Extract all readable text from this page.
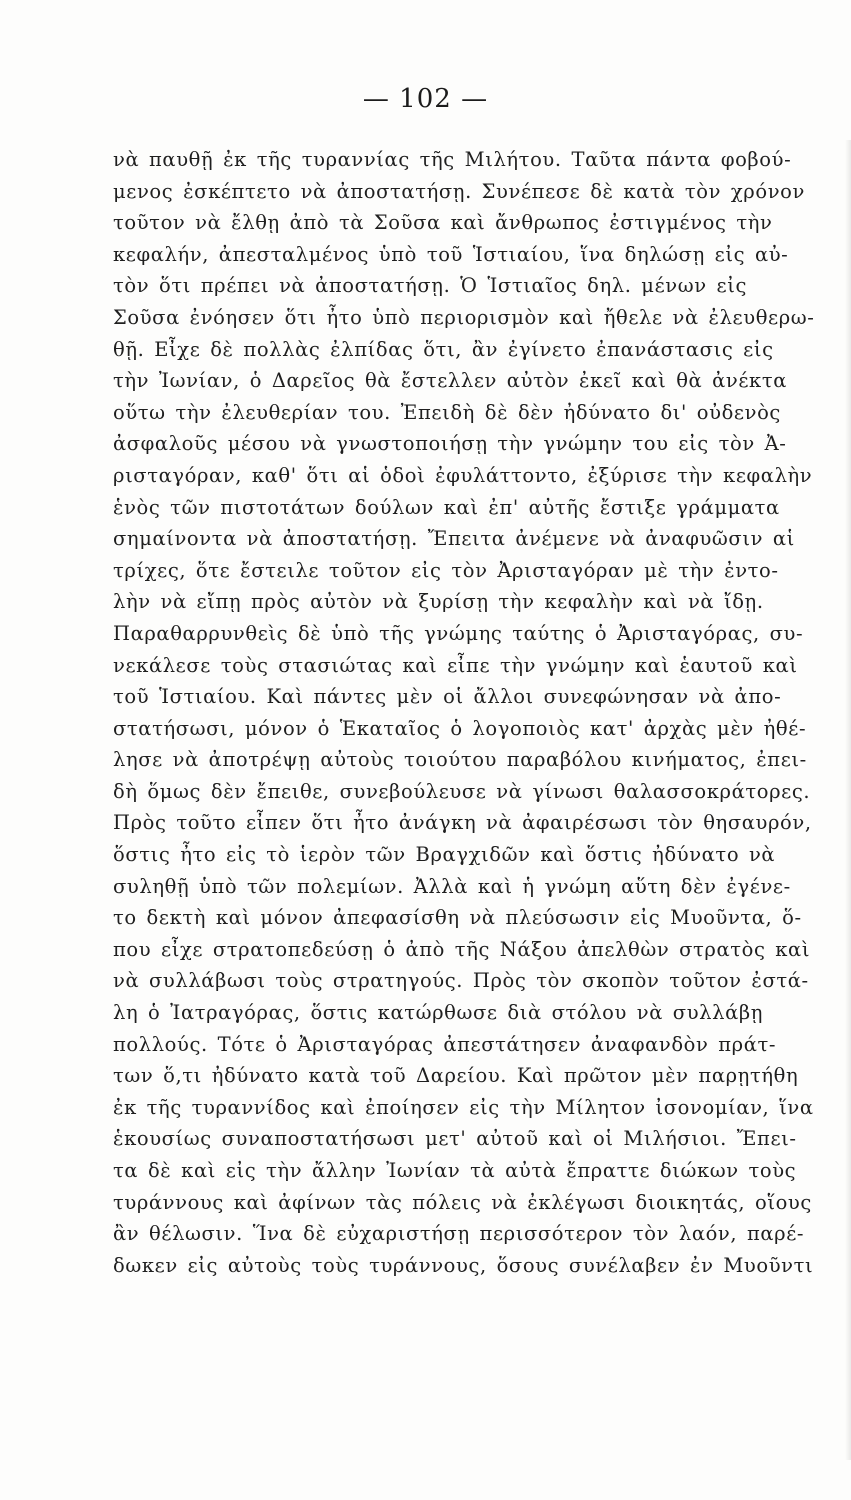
— 102 —
νὰ παυθῇ ἐκ τῆς τυραννίας τῆς Μιλήτου. Ταῦτα πάντα φοβού-
μενος ἐσκέπτετο νὰ ἀποστατήσῃ. Συνέπεσε δὲ κατὰ τὸν χρόνον
τοῦτον νὰ ἔλθῃ ἀπὸ τὰ Σοῦσα καὶ ἄνθρωπος ἐστιγμένος τὴν
κεφαλήν, ἀπεσταλμένος ὑπὸ τοῦ Ἱστιαίου, ἵνα δηλώσῃ εἰς αὐ-
τὸν ὅτι πρέπει νὰ ἀποστατήσῃ. Ὁ Ἱστιαῖος δηλ. μένων εἰς
Σοῦσα ἐνόησεν ὅτι ἦτο ὑπὸ περιορισμὸν καὶ ἤθελε νὰ ἐλευθερω-
θῇ. Εἶχε δὲ πολλὰς ἐλπίδας ὅτι, ἂν ἐγίνετο ἐπανάστασις εἰς
τὴν Ἰωνίαν, ὁ Δαρεῖος θὰ ἔστελλεν αὐτὸν ἐκεῖ καὶ θὰ ἀνέκτα
οὕτω τὴν ἐλευθερίαν του. Ἐπειδὴ δὲ δὲν ἠδύνατο δι' οὐδενὸς
ἀσφαλοῦς μέσου νὰ γνωστοποιήσῃ τὴν γνώμην του εἰς τὸν Ἀ-
ρισταγόραν, καθ' ὅτι αἱ ὁδοὶ ἐφυλάττοντο, ἐξύρισε τὴν κεφαλὴν
ἑνὸς τῶν πιστοτάτων δούλων καὶ ἐπ' αὐτῆς ἔστιξε γράμματα
σημαίνοντα νὰ ἀποστατήσῃ. Ἔπειτα ἀνέμενε νὰ ἀναφυῶσιν αἱ
τρίχες, ὅτε ἔστειλε τοῦτον εἰς τὸν Ἀρισταγόραν μὲ τὴν ἐντο-
λὴν νὰ εἴπῃ πρὸς αὐτὸν νὰ ξυρίσῃ τὴν κεφαλὴν καὶ νὰ ἴδῃ.
Παραθαρρυνθεὶς δὲ ὑπὸ τῆς γνώμης ταύτης ὁ Ἀρισταγόρας, συ-
νεκάλεσε τοὺς στασιώτας καὶ εἶπε τὴν γνώμην καὶ ἑαυτοῦ καὶ
τοῦ Ἱστιαίου. Καὶ πάντες μὲν οἱ ἄλλοι συνεφώνησαν νὰ ἀπο-
στατήσωσι, μόνον ὁ Ἑκαταῖος ὁ λογοποιὸς κατ' ἀρχὰς μὲν ἠθέ-
λησε νὰ ἀποτρέψῃ αὐτοὺς τοιούτου παραβόλου κινήματος, ἐπει-
δὴ ὅμως δὲν ἔπειθε, συνεβούλευσε νὰ γίνωσι θαλασσοκράτορες.
Πρὸς τοῦτο εἶπεν ὅτι ἦτο ἀνάγκη νὰ ἀφαιρέσωσι τὸν θησαυρόν,
ὅστις ἦτο εἰς τὸ ἱερὸν τῶν Βραγχιδῶν καὶ ὅστις ἠδύνατο νὰ
συληθῇ ὑπὸ τῶν πολεμίων. Ἀλλὰ καὶ ἡ γνώμη αὕτη δὲν ἐγένε-
το δεκτὴ καὶ μόνον ἀπεφασίσθη νὰ πλεύσωσιν εἰς Μυοῦντα, ὅ-
που εἶχε στρατοπεδεύσῃ ὁ ἀπὸ τῆς Νάξου ἀπελθὼν στρατὸς καὶ
νὰ συλλάβωσι τοὺς στρατηγούς. Πρὸς τὸν σκοπὸν τοῦτον ἐστά-
λη ὁ Ἰατραγόρας, ὅστις κατώρθωσε διὰ στόλου νὰ συλλάβῃ
πολλούς. Τότε ὁ Ἀρισταγόρας ἀπεστάτησεν ἀναφανδὸν πράτ-
των ὅ,τι ἠδύνατο κατὰ τοῦ Δαρείου. Καὶ πρῶτον μὲν παρῃτήθη
ἐκ τῆς τυραννίδος καὶ ἐποίησεν εἰς τὴν Μίλητον ἰσονομίαν, ἵνα
ἑκουσίως συναποστατήσωσι μετ' αὐτοῦ καὶ οἱ Μιλήσιοι. Ἔπει-
τα δὲ καὶ εἰς τὴν ἄλλην Ἰωνίαν τὰ αὐτὰ ἔπραττε διώκων τοὺς
τυράννους καὶ ἀφίνων τὰς πόλεις νὰ ἐκλέγωσι διοικητάς, οἵους
ἂν θέλωσιν. Ἵνα δὲ εὐχαριστήσῃ περισσότερον τὸν λαόν, παρέ-
δωκεν εἰς αὐτοὺς τοὺς τυράννους, ὅσους συνέλαβεν ἐν Μυοῦντι
